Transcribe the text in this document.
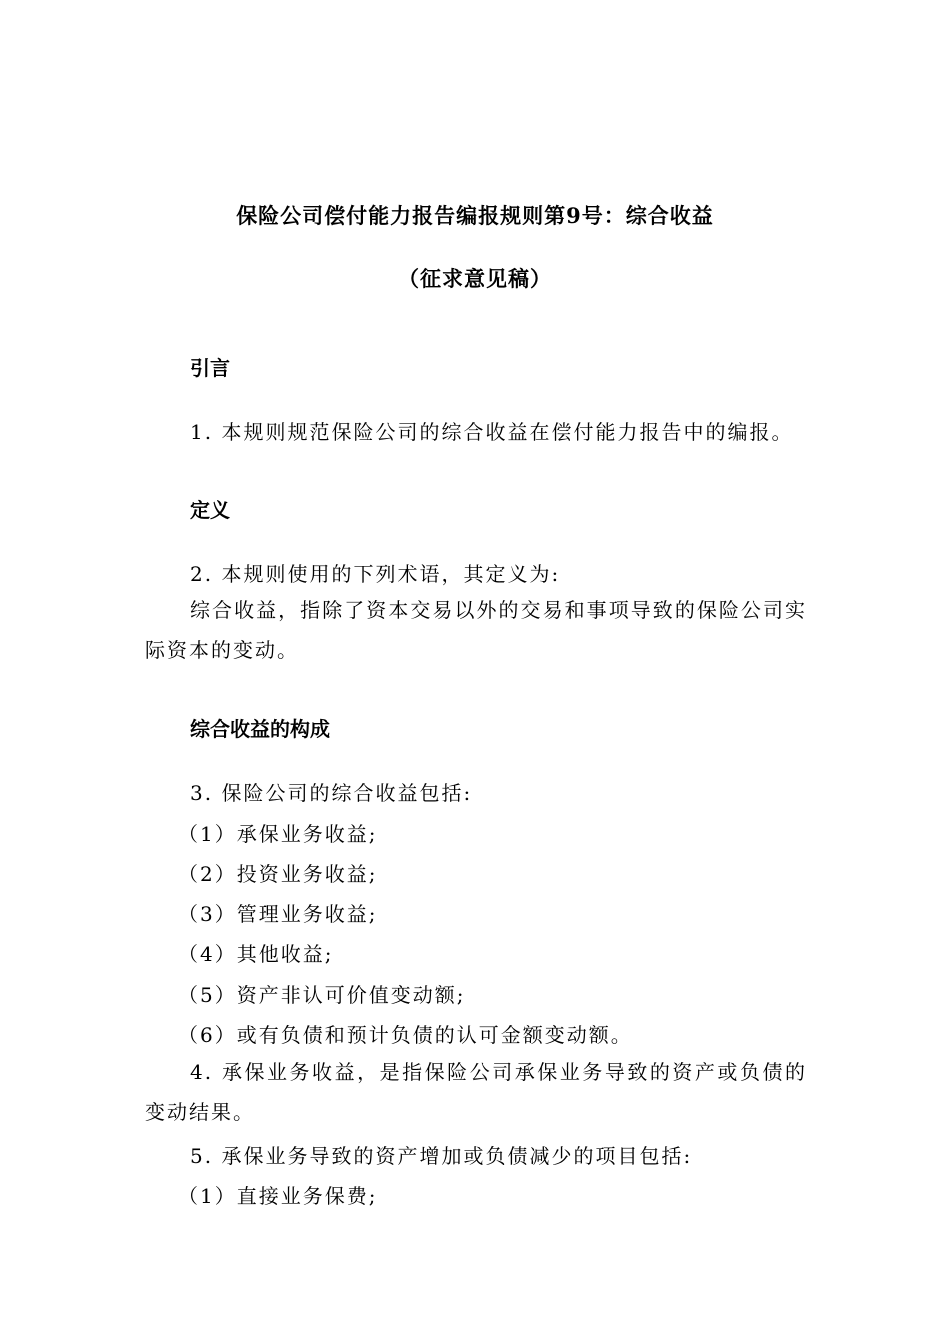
保险公司偿付能力报告编报规则第9号：综合收益
（征求意见稿）
引言
1. 本规则规范保险公司的综合收益在偿付能力报告中的编报。
定义
2. 本规则使用的下列术语，其定义为:
综合收益，指除了资本交易以外的交易和事项导致的保险公司实际资本的变动。
综合收益的构成
3. 保险公司的综合收益包括:
（1）承保业务收益;
（2）投资业务收益;
（3）管理业务收益;
（4）其他收益;
（5）资产非认可价值变动额;
（6）或有负债和预计负债的认可金额变动额。
4. 承保业务收益，是指保险公司承保业务导致的资产或负债的变动结果。
5. 承保业务导致的资产增加或负债减少的项目包括:
（1）直接业务保费;
